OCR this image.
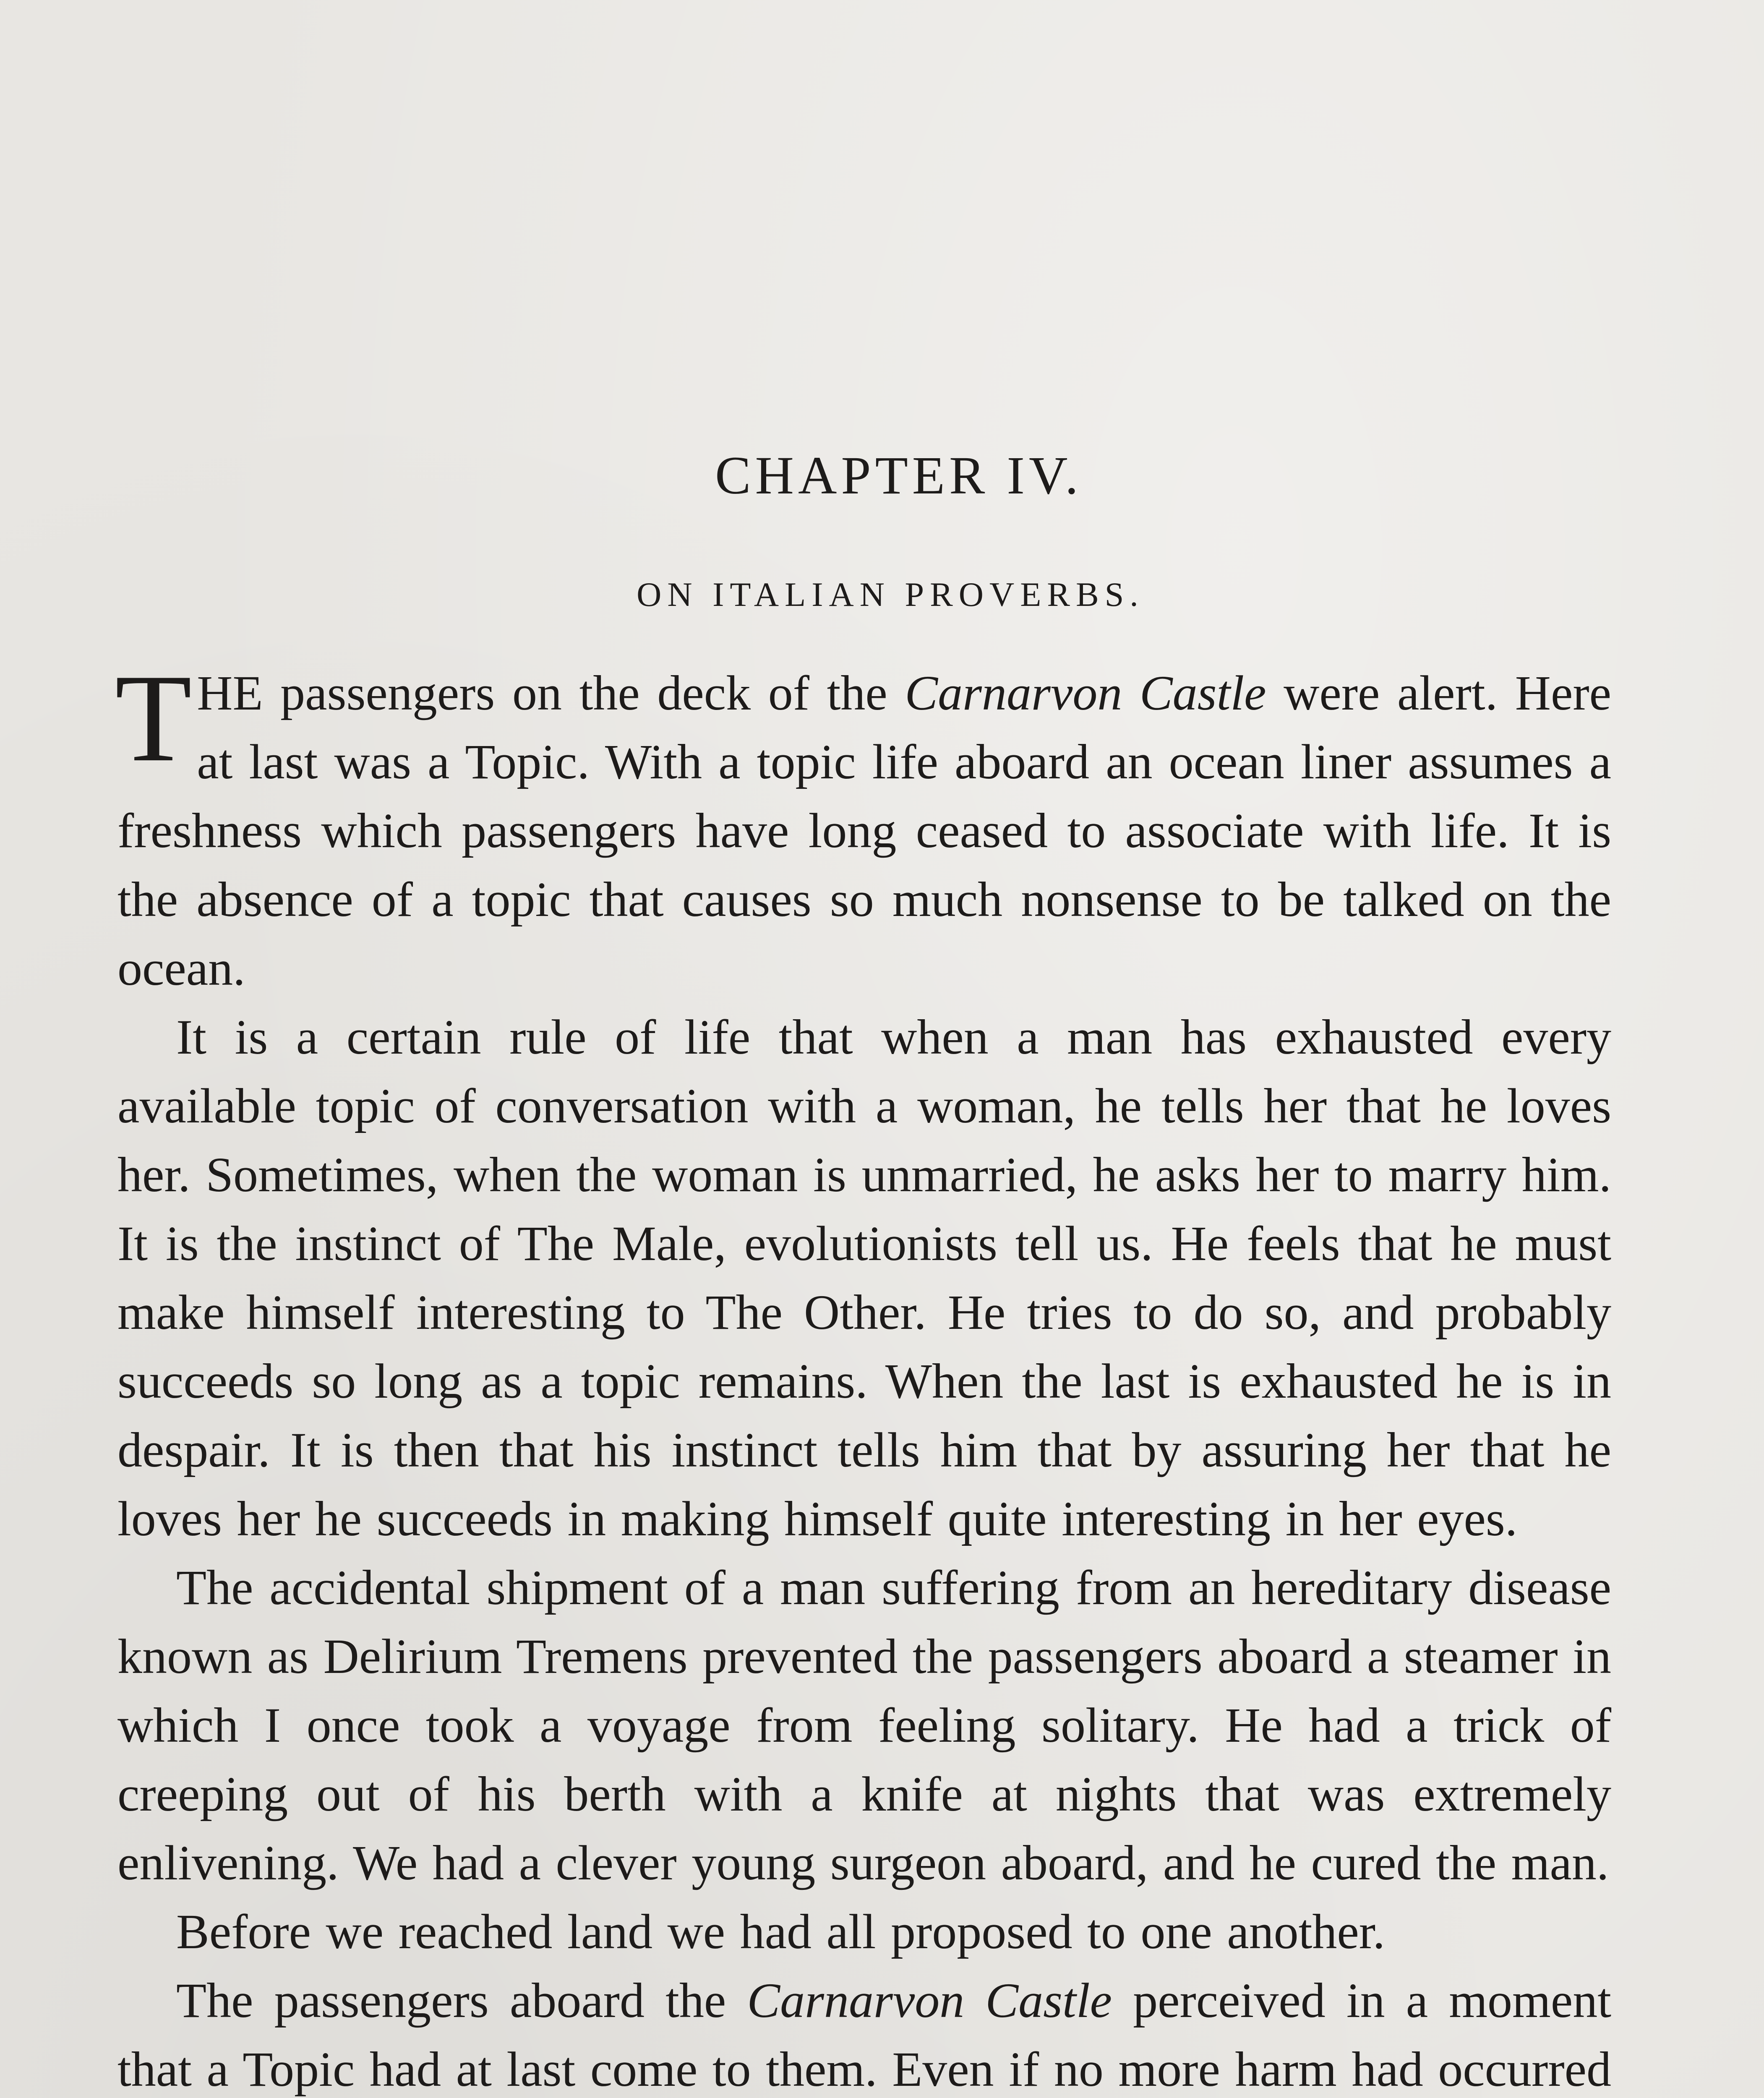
CHAPTER IV.
ON ITALIAN PROVERBS.

THE passengers on the deck of the Carnarvon Castle were alert. Here at last was a Topic. With a topic life aboard an ocean liner assumes a freshness which passengers have long ceased to associate with life. It is the absence of a topic that causes so much nonsense to be talked on the ocean.

It is a certain rule of life that when a man has exhausted every available topic of conversation with a woman, he tells her that he loves her. Sometimes, when the woman is unmarried, he asks her to marry him. It is the instinct of The Male, evolutionists tell us. He feels that he must make himself interesting to The Other. He tries to do so, and probably succeeds so long as a topic remains. When the last is exhausted he is in despair. It is then that his instinct tells him that by assuring her that he loves her he succeeds in making himself quite interesting in her eyes.

The accidental shipment of a man suffering from an hereditary disease known as Delirium Tremens prevented the passengers aboard a steamer in which I once took a voyage from feeling solitary. He had a trick of creeping out of his berth with a knife at nights that was extremely enlivening. We had a clever young surgeon aboard, and he cured the man.

Before we reached land we had all proposed to one another.

The passengers aboard the Carnarvon Castle perceived in a moment that a Topic had at last come to them. Even if no more harm had occurred
